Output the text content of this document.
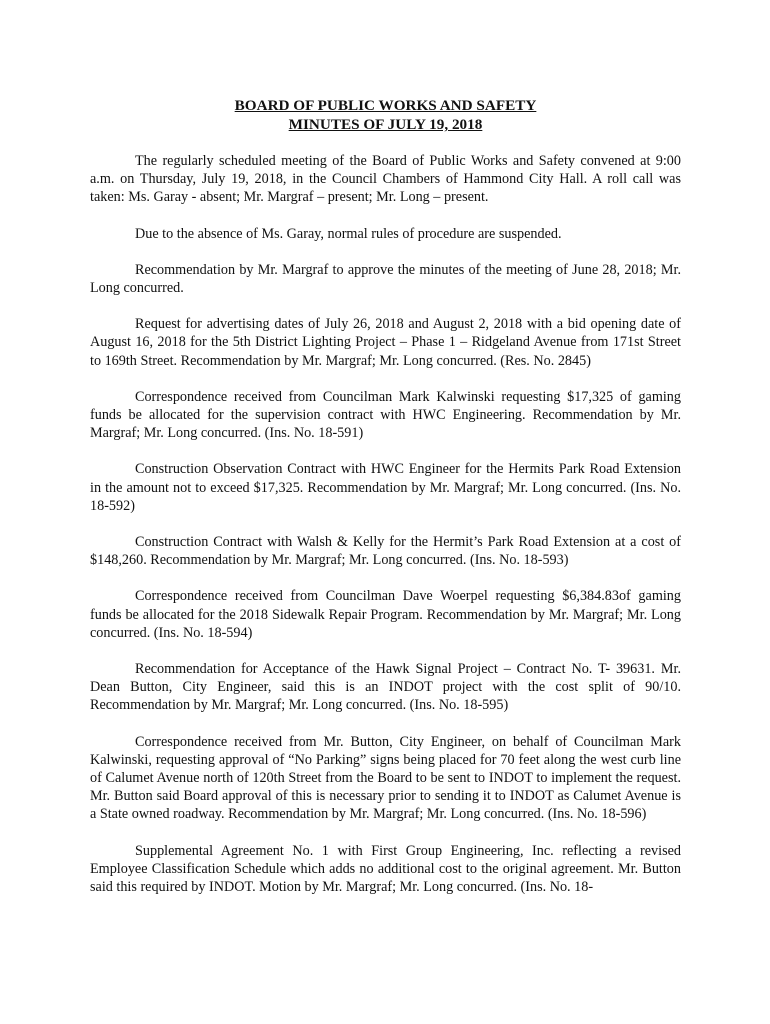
BOARD OF PUBLIC WORKS AND SAFETY

MINUTES OF JULY 19, 2018

The regularly scheduled meeting of the Board of Public Works and Safety convened at 9:00 a.m. on Thursday, July 19, 2018, in the Council Chambers of Hammond City Hall. A roll call was taken: Ms. Garay - absent; Mr. Margraf – present; Mr. Long – present.

Due to the absence of Ms. Garay, normal rules of procedure are suspended.

Recommendation by Mr. Margraf to approve the minutes of the meeting of June 28, 2018; Mr. Long concurred.

Request for advertising dates of July 26, 2018 and August 2, 2018 with a bid opening date of August 16, 2018 for the 5th District Lighting Project – Phase 1 – Ridgeland Avenue from 171st Street to 169th Street. Recommendation by Mr. Margraf; Mr. Long concurred. (Res. No. 2845)

Correspondence received from Councilman Mark Kalwinski requesting $17,325 of gaming funds be allocated for the supervision contract with HWC Engineering. Recommendation by Mr. Margraf; Mr. Long concurred. (Ins. No. 18-591)

Construction Observation Contract with HWC Engineer for the Hermits Park Road Extension in the amount not to exceed $17,325. Recommendation by Mr. Margraf; Mr. Long concurred. (Ins. No. 18-592)

Construction Contract with Walsh & Kelly for the Hermit’s Park Road Extension at a cost of $148,260. Recommendation by Mr. Margraf; Mr. Long concurred. (Ins. No. 18-593)

Correspondence received from Councilman Dave Woerpel requesting $6,384.83of gaming funds be allocated for the 2018 Sidewalk Repair Program. Recommendation by Mr. Margraf; Mr. Long concurred. (Ins. No. 18-594)

Recommendation for Acceptance of the Hawk Signal Project – Contract No. T- 39631. Mr. Dean Button, City Engineer, said this is an INDOT project with the cost split of 90/10. Recommendation by Mr. Margraf; Mr. Long concurred. (Ins. No. 18-595)

Correspondence received from Mr. Button, City Engineer, on behalf of Councilman Mark Kalwinski, requesting approval of “No Parking” signs being placed for 70 feet along the west curb line of Calumet Avenue north of 120th Street from the Board to be sent to INDOT to implement the request. Mr. Button said Board approval of this is necessary prior to sending it to INDOT as Calumet Avenue is a State owned roadway. Recommendation by Mr. Margraf; Mr. Long concurred. (Ins. No. 18-596)

Supplemental Agreement No. 1 with First Group Engineering, Inc. reflecting a revised Employee Classification Schedule which adds no additional cost to the original agreement. Mr. Button said this required by INDOT. Motion by Mr. Margraf; Mr. Long concurred. (Ins. No. 18-
